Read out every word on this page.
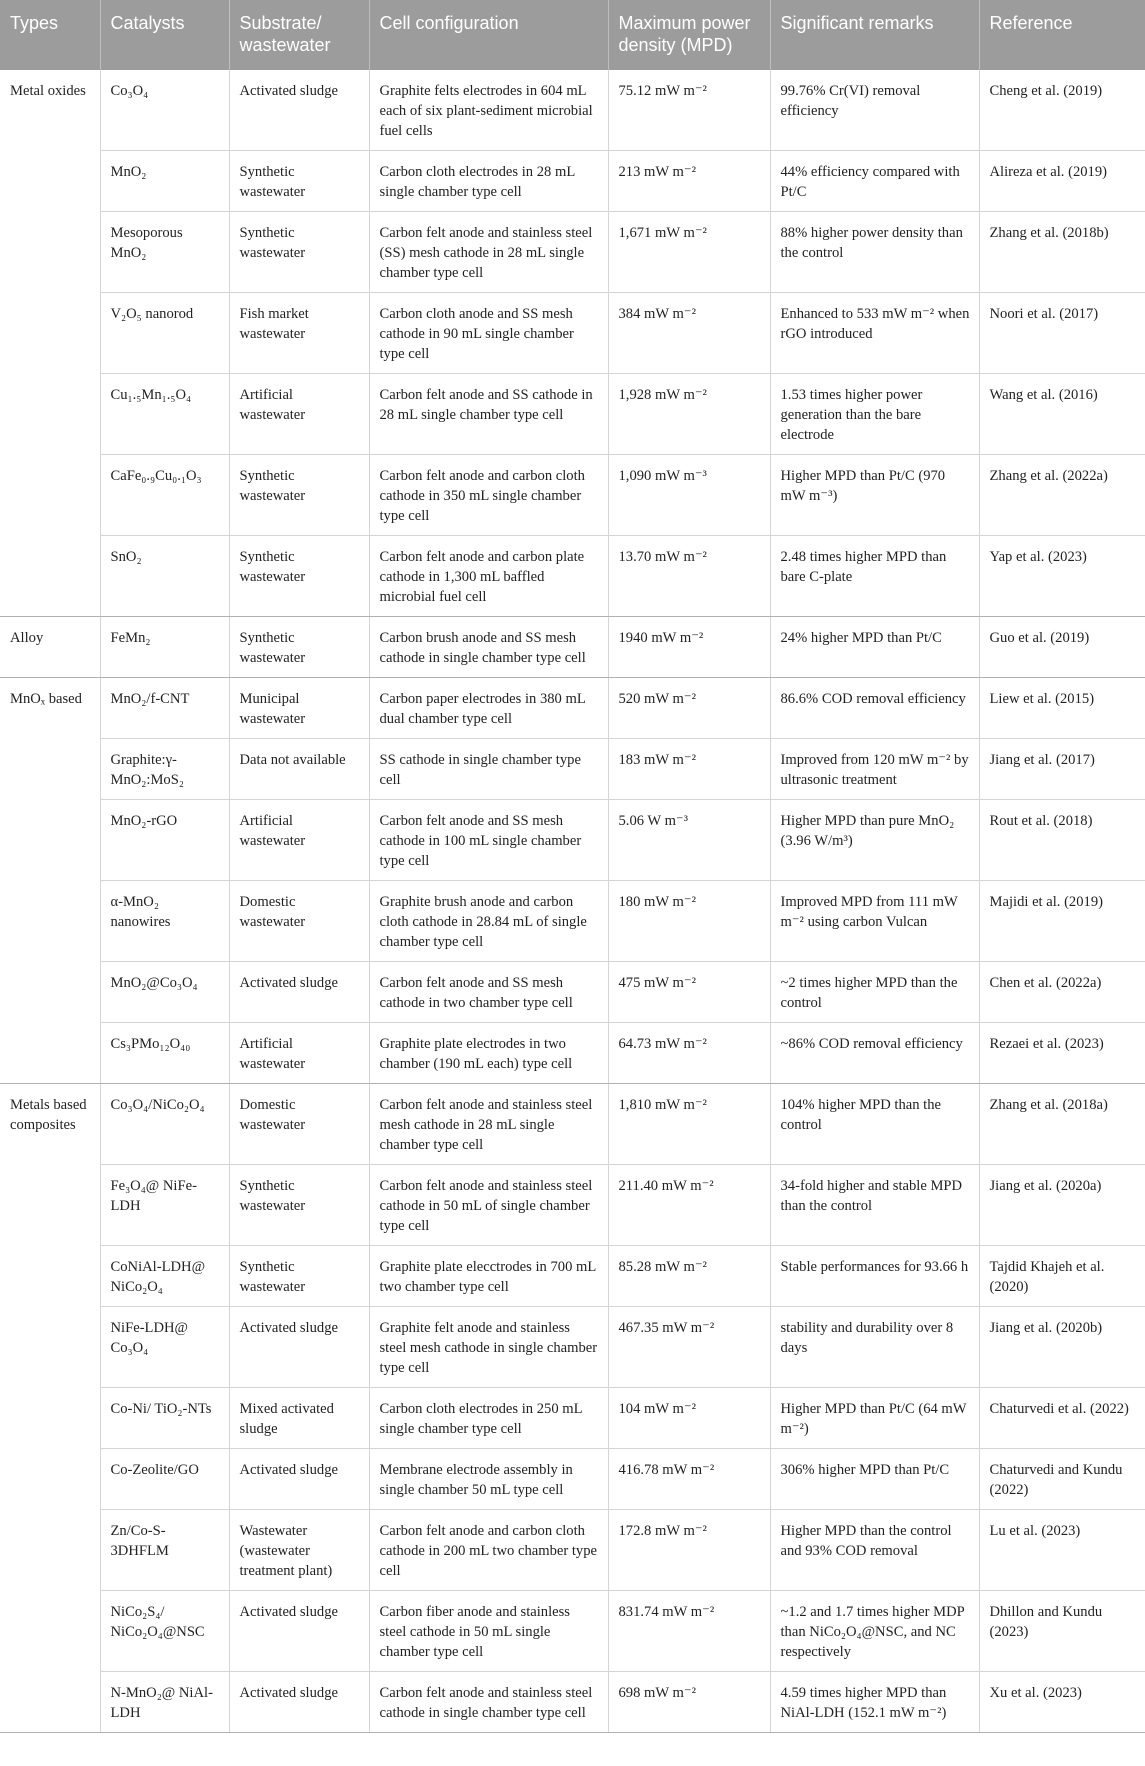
Types	Catalysts	Substrate/ wastewater	Cell configuration	Maximum power density (MPD)	Significant remarks	Reference
Metal oxides	Co₃O₄	Activated sludge	Graphite felts electrodes in 604 mL each of six plant-sediment microbial fuel cells	75.12 mW m⁻²	99.76% Cr(VI) removal efficiency	Cheng et al. (2019)
	MnO₂	Synthetic wastewater	Carbon cloth electrodes in 28 mL single chamber type cell	213 mW m⁻²	44% efficiency compared with Pt/C	Alireza et al. (2019)
	Mesoporous MnO₂	Synthetic wastewater	Carbon felt anode and stainless steel (SS) mesh cathode in 28 mL single chamber type cell	1,671 mW m⁻²	88% higher power density than the control	Zhang et al. (2018b)
	V₂O₅ nanorod	Fish market wastewater	Carbon cloth anode and SS mesh cathode in 90 mL single chamber type cell	384 mW m⁻²	Enhanced to 533 mW m⁻² when rGO introduced	Noori et al. (2017)
	Cu₁.₅Mn₁.₅O₄	Artificial wastewater	Carbon felt anode and SS cathode in 28 mL single chamber type cell	1,928 mW m⁻²	1.53 times higher power generation than the bare electrode	Wang et al. (2016)
	CaFe₀.₉Cu₀.₁O₃	Synthetic wastewater	Carbon felt anode and carbon cloth cathode in 350 mL single chamber type cell	1,090 mW m⁻³	Higher MPD than Pt/C (970 mW m⁻³)	Zhang et al. (2022a)
	SnO₂	Synthetic wastewater	Carbon felt anode and carbon plate cathode in 1,300 mL baffled microbial fuel cell	13.70 mW m⁻²	2.48 times higher MPD than bare C-plate	Yap et al. (2023)
Alloy	FeMn₂	Synthetic wastewater	Carbon brush anode and SS mesh cathode in single chamber type cell	1940 mW m⁻²	24% higher MPD than Pt/C	Guo et al. (2019)
MnOₓ based	MnO₂/f-CNT	Municipal wastewater	Carbon paper electrodes in 380 mL dual chamber type cell	520 mW m⁻²	86.6% COD removal efficiency	Liew et al. (2015)
	Graphite:γ-MnO₂:MoS₂	Data not available	SS cathode in single chamber type cell	183 mW m⁻²	Improved from 120 mW m⁻² by ultrasonic treatment	Jiang et al. (2017)
	MnO₂-rGO	Artificial wastewater	Carbon felt anode and SS mesh cathode in 100 mL single chamber type cell	5.06 W m⁻³	Higher MPD than pure MnO₂ (3.96 W/m³)	Rout et al. (2018)
	α-MnO₂ nanowires	Domestic wastewater	Graphite brush anode and carbon cloth cathode in 28.84 mL of single chamber type cell	180 mW m⁻²	Improved MPD from 111 mW m⁻² using carbon Vulcan	Majidi et al. (2019)
	MnO₂@Co₃O₄	Activated sludge	Carbon felt anode and SS mesh cathode in two chamber type cell	475 mW m⁻²	~2 times higher MPD than the control	Chen et al. (2022a)
	Cs₃PMo₁₂O₄₀	Artificial wastewater	Graphite plate electrodes in two chamber (190 mL each) type cell	64.73 mW m⁻²	~86% COD removal efficiency	Rezaei et al. (2023)
Metals based composites	Co₃O₄/NiCo₂O₄	Domestic wastewater	Carbon felt anode and stainless steel mesh cathode in 28 mL single chamber type cell	1,810 mW m⁻²	104% higher MPD than the control	Zhang et al. (2018a)
	Fe₃O₄@ NiFe-LDH	Synthetic wastewater	Carbon felt anode and stainless steel cathode in 50 mL of single chamber type cell	211.40 mW m⁻²	34-fold higher and stable MPD than the control	Jiang et al. (2020a)
	CoNiAl-LDH@ NiCo₂O₄	Synthetic wastewater	Graphite plate elecctrodes in 700 mL two chamber type cell	85.28 mW m⁻²	Stable performances for 93.66 h	Tajdid Khajeh et al. (2020)
	NiFe-LDH@ Co₃O₄	Activated sludge	Graphite felt anode and stainless steel mesh cathode in single chamber type cell	467.35 mW m⁻²	stability and durability over 8 days	Jiang et al. (2020b)
	Co-Ni/ TiO₂-NTs	Mixed activated sludge	Carbon cloth electrodes in 250 mL single chamber type cell	104 mW m⁻²	Higher MPD than Pt/C (64 mW m⁻²)	Chaturvedi et al. (2022)
	Co-Zeolite/GO	Activated sludge	Membrane electrode assembly in single chamber 50 mL type cell	416.78 mW m⁻²	306% higher MPD than Pt/C	Chaturvedi and Kundu (2022)
	Zn/Co-S-3DHFLM	Wastewater (wastewater treatment plant)	Carbon felt anode and carbon cloth cathode in 200 mL two chamber type cell	172.8 mW m⁻²	Higher MPD than the control and 93% COD removal	Lu et al. (2023)
	NiCo₂S₄/ NiCo₂O₄@NSC	Activated sludge	Carbon fiber anode and stainless steel cathode in 50 mL single chamber type cell	831.74 mW m⁻²	~1.2 and 1.7 times higher MDP than NiCo₂O₄@NSC, and NC respectively	Dhillon and Kundu (2023)
	N-MnO₂@ NiAl-LDH	Activated sludge	Carbon felt anode and stainless steel cathode in single chamber type cell	698 mW m⁻²	4.59 times higher MPD than NiAl-LDH (152.1 mW m⁻²)	Xu et al. (2023)
